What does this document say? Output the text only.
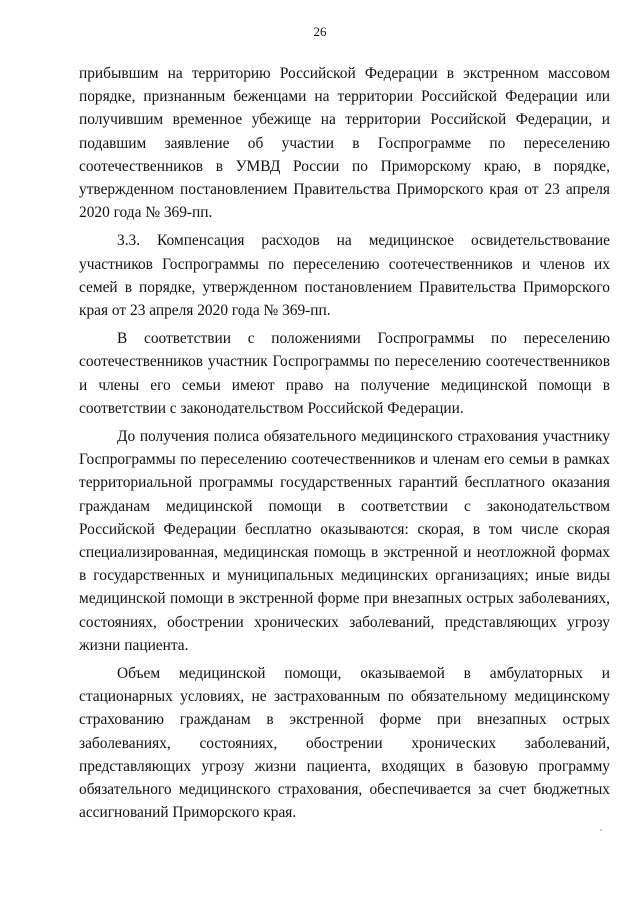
26

прибывшим на территорию Российской Федерации в экстренном массовом порядке, признанным беженцами на территории Российской Федерации или получившим временное убежище на территории Российской Федерации, и подавшим заявление об участии в Госпрограмме по переселению соотечественников в УМВД России по Приморскому краю, в порядке, утвержденном постановлением Правительства Приморского края от 23 апреля 2020 года № 369-пп.

3.3. Компенсация расходов на медицинское освидетельствование участников Госпрограммы по переселению соотечественников и членов их семей в порядке, утвержденном постановлением Правительства Приморского края от 23 апреля 2020 года № 369-пп.

В соответствии с положениями Госпрограммы по переселению соотечественников участник Госпрограммы по переселению соотечественников и члены его семьи имеют право на получение медицинской помощи в соответствии с законодательством Российской Федерации.

До получения полиса обязательного медицинского страхования участнику Госпрограммы по переселению соотечественников и членам его семьи в рамках территориальной программы государственных гарантий бесплатного оказания гражданам медицинской помощи в соответствии с законодательством Российской Федерации бесплатно оказываются: скорая, в том числе скорая специализированная, медицинская помощь в экстренной и неотложной формах в государственных и муниципальных медицинских организациях; иные виды медицинской помощи в экстренной форме при внезапных острых заболеваниях, состояниях, обострении хронических заболеваний, представляющих угрозу жизни пациента.

Объем медицинской помощи, оказываемой в амбулаторных и стационарных условиях, не застрахованным по обязательному медицинскому страхованию гражданам в экстренной форме при внезапных острых заболеваниях, состояниях, обострении хронических заболеваний, представляющих угрозу жизни пациента, входящих в базовую программу обязательного медицинского страхования, обеспечивается за счет бюджетных ассигнований Приморского края.
